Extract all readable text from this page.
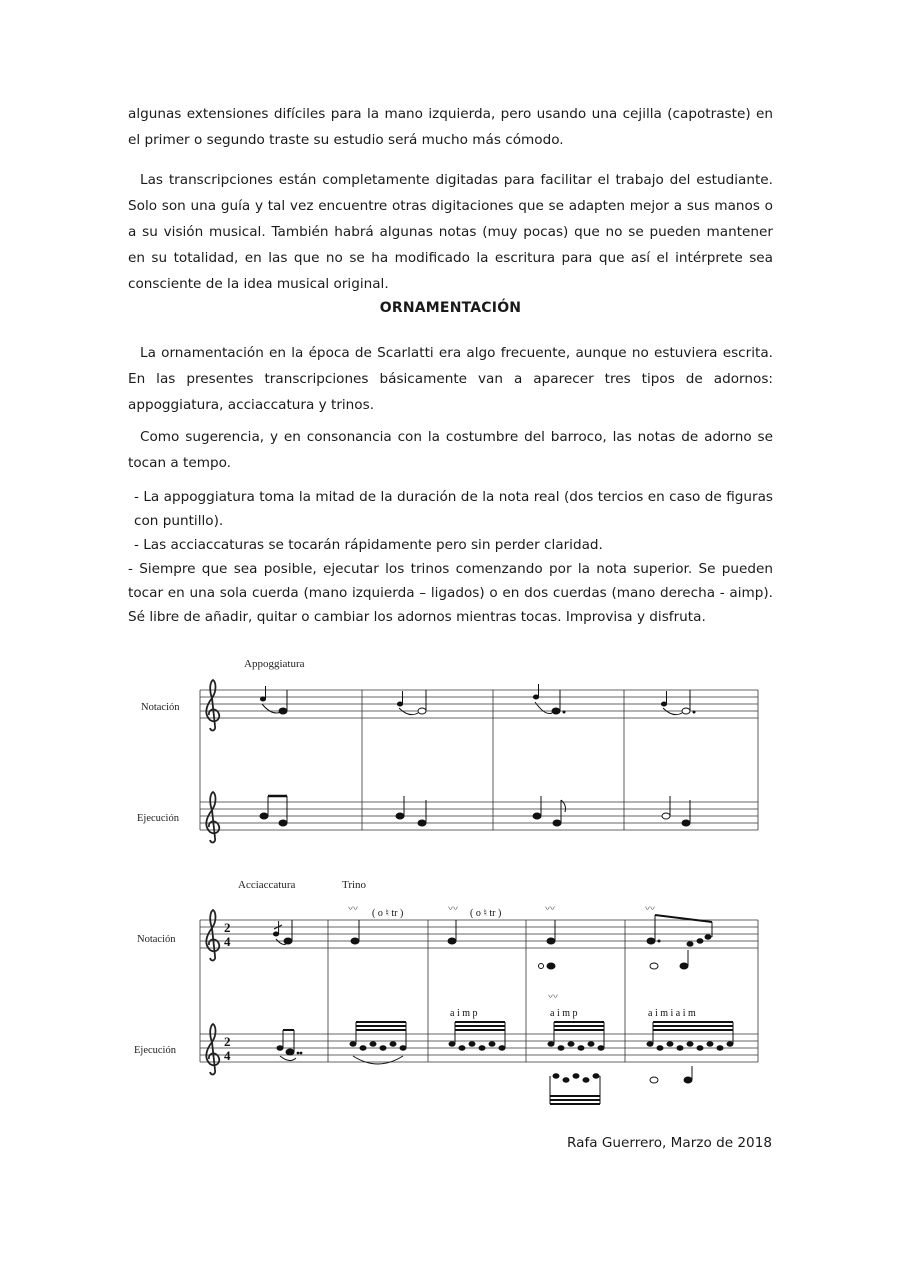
algunas extensiones difíciles para la mano izquierda, pero usando una cejilla (capotraste) en el primer o segundo traste su estudio será mucho más cómodo.
Las transcripciones están completamente digitadas para facilitar el trabajo del estudiante. Solo son una guía y tal vez encuentre otras digitaciones que se adapten mejor a sus manos o a su visión musical. También habrá algunas notas (muy pocas) que no se pueden mantener en su totalidad, en las que no se ha modificado la escritura para que así el intérprete sea consciente de la idea musical original.
ORNAMENTACIÓN
La ornamentación en la época de Scarlatti era algo frecuente, aunque no estuviera escrita. En las presentes transcripciones básicamente van a aparecer tres tipos de adornos: appoggiatura, acciaccatura y trinos.
Como sugerencia, y en consonancia con la costumbre del barroco, las notas de adorno se tocan a tempo.
- La appoggiatura toma la mitad de la duración de la nota real (dos tercios en caso de figuras con puntillo).
- Las acciaccaturas se tocarán rápidamente pero sin perder claridad.
- Siempre que sea posible, ejecutar los trinos comenzando por la nota superior. Se pueden tocar en una sola cuerda (mano izquierda – ligados) o en dos cuerdas (mano derecha - aimp). Sé libre de añadir, quitar o cambiar los adornos mientras tocas. Improvisa y disfruta.
Appoggiatura
Notación
Ejecución
Acciaccatura	Trino
Notación
Ejecución
2
4
2
4
〰	〰	〰	〰
〰
( o ♮ tr )	( o ♮ tr )
a i m p	a i m p	a i m i a i m
Rafa Guerrero, Marzo de 2018
